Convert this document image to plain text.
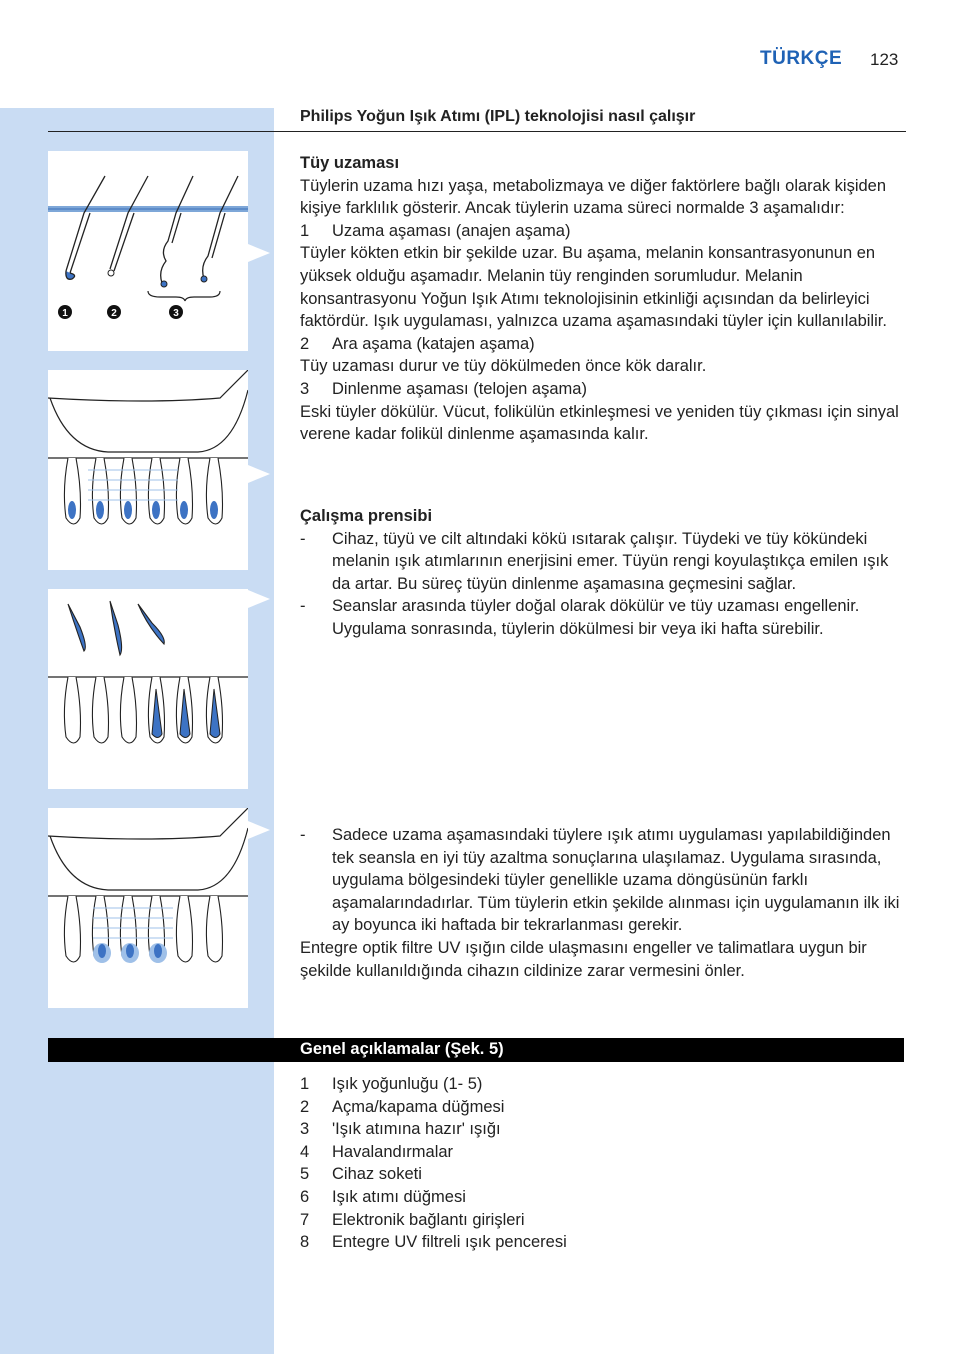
TÜRKÇE 123
Philips Yoğun Işık Atımı (IPL) teknolojisi nasıl çalışır
1	2	3

Tüy uzaması

Tüylerin uzama hızı yaşa, metabolizmaya ve diğer faktörlere bağlı olarak kişiden kişiye farklılık gösterir. Ancak tüylerin uzama süreci normalde 3 aşamalıdır:

1	Uzama aşaması (anajen aşama)

Tüyler kökten etkin bir şekilde uzar. Bu aşama, melanin konsantrasyonunun en yüksek olduğu aşamadır. Melanin tüy renginden sorumludur. Melanin konsantrasyonu Yoğun Işık Atımı teknolojisinin etkinliği açısından da belirleyici faktördür. Işık uygulaması, yalnızca uzama aşamasındaki tüyler için kullanılabilir.

2	Ara aşama (katajen aşama)

Tüy uzaması durur ve tüy dökülmeden önce kök daralır.

3	Dinlenme aşaması (telojen aşama)

Eski tüyler dökülür. Vücut, folikülün etkinleşmesi ve yeniden tüy çıkması için sinyal verene kadar folikül dinlenme aşamasında kalır.

Çalışma prensibi

-	Cihaz, tüyü ve cilt altındaki kökü ısıtarak çalışır. Tüydeki ve tüy kökündeki melanin ışık atımlarının enerjisini emer. Tüyün rengi koyulaştıkça emilen ışık da artar. Bu süreç tüyün dinlenme aşamasına geçmesini sağlar.
-	Seanslar arasında tüyler doğal olarak dökülür ve tüy uzaması engellenir. Uygulama sonrasında, tüylerin dökülmesi bir veya iki hafta sürebilir.
-	Sadece uzama aşamasındaki tüylere ışık atımı uygulaması yapılabildiğinden tek seansla en iyi tüy azaltma sonuçlarına ulaşılamaz. Uygulama sırasında, uygulama bölgesindeki tüyler genellikle uzama döngüsünün farklı aşamalarındadırlar. Tüm tüylerin etkin şekilde alınması için uygulamanın ilk iki ay boyunca iki haftada bir tekrarlanması gerekir.

Entegre optik filtre UV ışığın cilde ulaşmasını engeller ve talimatlara uygun bir şekilde kullanıldığında cihazın cildinize zarar vermesini önler.

Genel açıklamalar (Şek. 5)
1	Işık yoğunluğu (1- 5)
2	Açma/kapama düğmesi
3	'Işık atımına hazır' ışığı
4	Havalandırmalar
5	Cihaz soketi
6	Işık atımı düğmesi
7	Elektronik bağlantı girişleri
8	Entegre UV filtreli ışık penceresi
